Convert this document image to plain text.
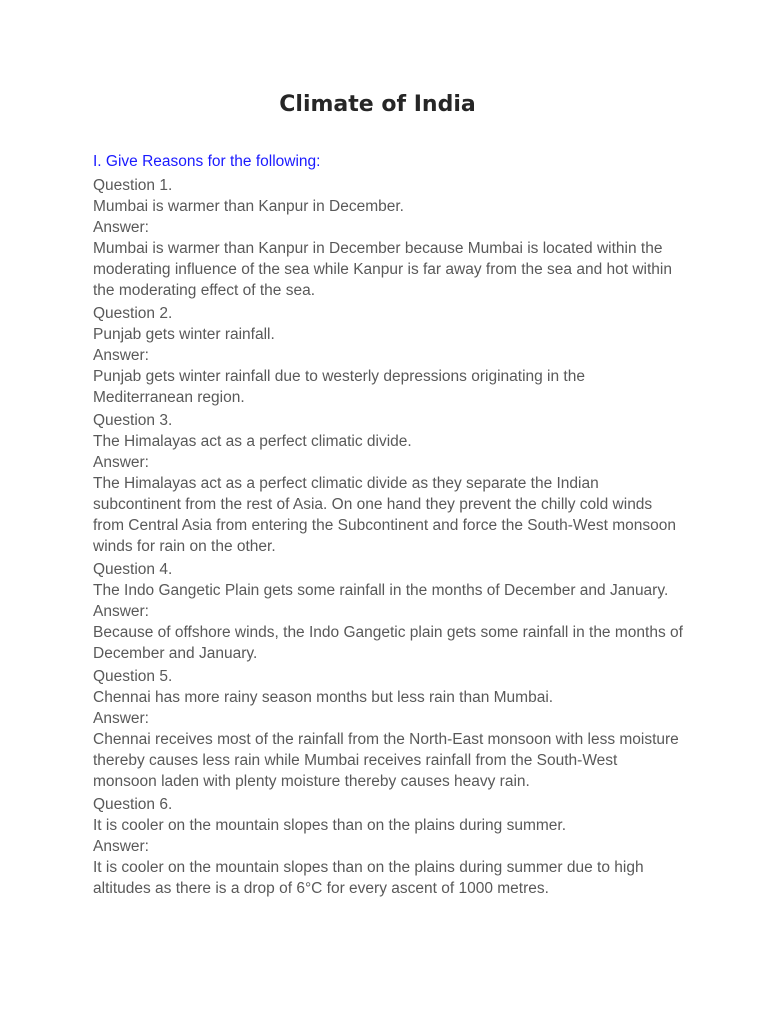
Climate of India

I. Give Reasons for the following:

Question 1.

Mumbai is warmer than Kanpur in December.

Answer:

Mumbai is warmer than Kanpur in December because Mumbai is located within the moderating influence of the sea while Kanpur is far away from the sea and hot within the moderating effect of the sea.

Question 2.

Punjab gets winter rainfall.

Answer:

Punjab gets winter rainfall due to westerly depressions originating in the Mediterranean region.

Question 3.

The Himalayas act as a perfect climatic divide.

Answer:

The Himalayas act as a perfect climatic divide as they separate the Indian subcontinent from the rest of Asia. On one hand they prevent the chilly cold winds from Central Asia from entering the Subcontinent and force the South-West monsoon winds for rain on the other.

Question 4.

The Indo Gangetic Plain gets some rainfall in the months of December and January.

Answer:

Because of offshore winds, the Indo Gangetic plain gets some rainfall in the months of December and January.

Question 5.

Chennai has more rainy season months but less rain than Mumbai.

Answer:

Chennai receives most of the rainfall from the North-East monsoon with less moisture thereby causes less rain while Mumbai receives rainfall from the South-West monsoon laden with plenty moisture thereby causes heavy rain.

Question 6.

It is cooler on the mountain slopes than on the plains during summer.

Answer:

It is cooler on the mountain slopes than on the plains during summer due to high altitudes as there is a drop of 6°C for every ascent of 1000 metres.
